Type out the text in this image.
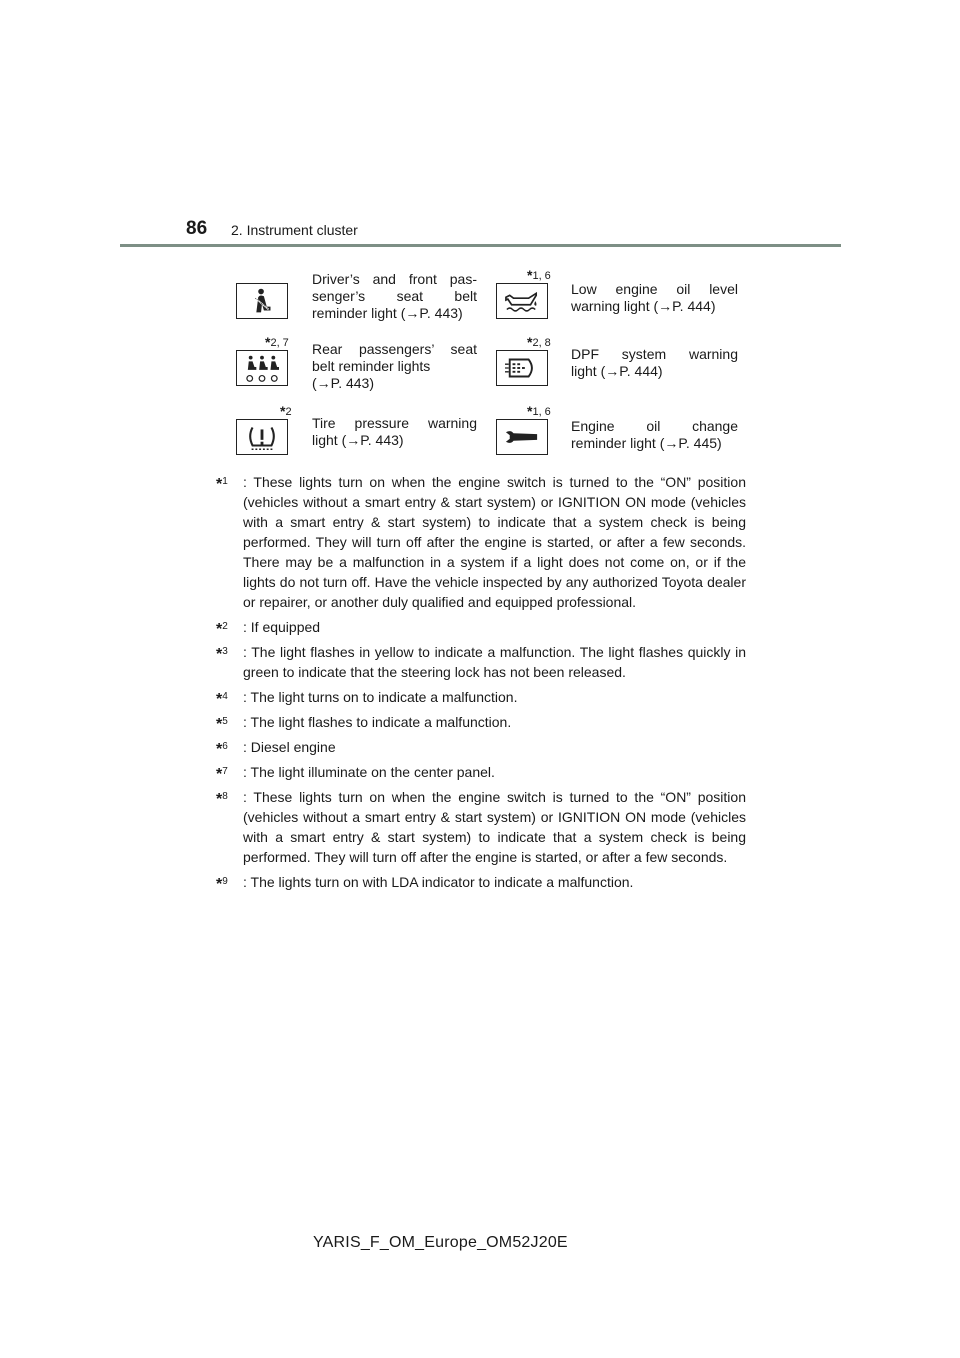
86 2. Instrument cluster
Driver’s and front pas-
senger’s seat belt
reminder light (→P. 443)
*1, 6
Low engine oil level
warning light (→P. 444)
*2, 7 Rear passengers’ seat
belt reminder lights
(→P. 443)
*2, 8
DPF system warning
light (→P. 444)
*2
Tire pressure warning
light (→P. 443)
*1, 6
Engine oil change
reminder light (→P. 445)
*$^1$ : These lights turn on when the engine switch is turned to the “ON” position (vehicles without a smart entry & start system) or IGNITION ON mode (vehicles with a smart entry & start system) to indicate that a system check is being performed. They will turn off after the engine is started, or after a few seconds. There may be a malfunction in a system if a light does not come on, or if the lights do not turn off. Have the vehicle inspected by any authorized Toyota dealer or repairer, or another duly qualified and equipped professional.
*$^2$ : If equipped
*$^3$ : The light flashes in yellow to indicate a malfunction. The light flashes quickly in green to indicate that the steering lock has not been released.
*$^4$ : The light turns on to indicate a malfunction.
*$^5$ : The light flashes to indicate a malfunction.
*$^6$ : Diesel engine
*$^7$ : The light illuminate on the center panel.
*$^8$ : These lights turn on when the engine switch is turned to the “ON” position (vehicles without a smart entry & start system) or IGNITION ON mode (vehicles with a smart entry & start system) to indicate that a system check is being performed. They will turn off after the engine is started, or after a few seconds.
*$^9$ : The lights turn on with LDA indicator to indicate a malfunction.
YARIS_F_OM_Europe_OM52J20E
